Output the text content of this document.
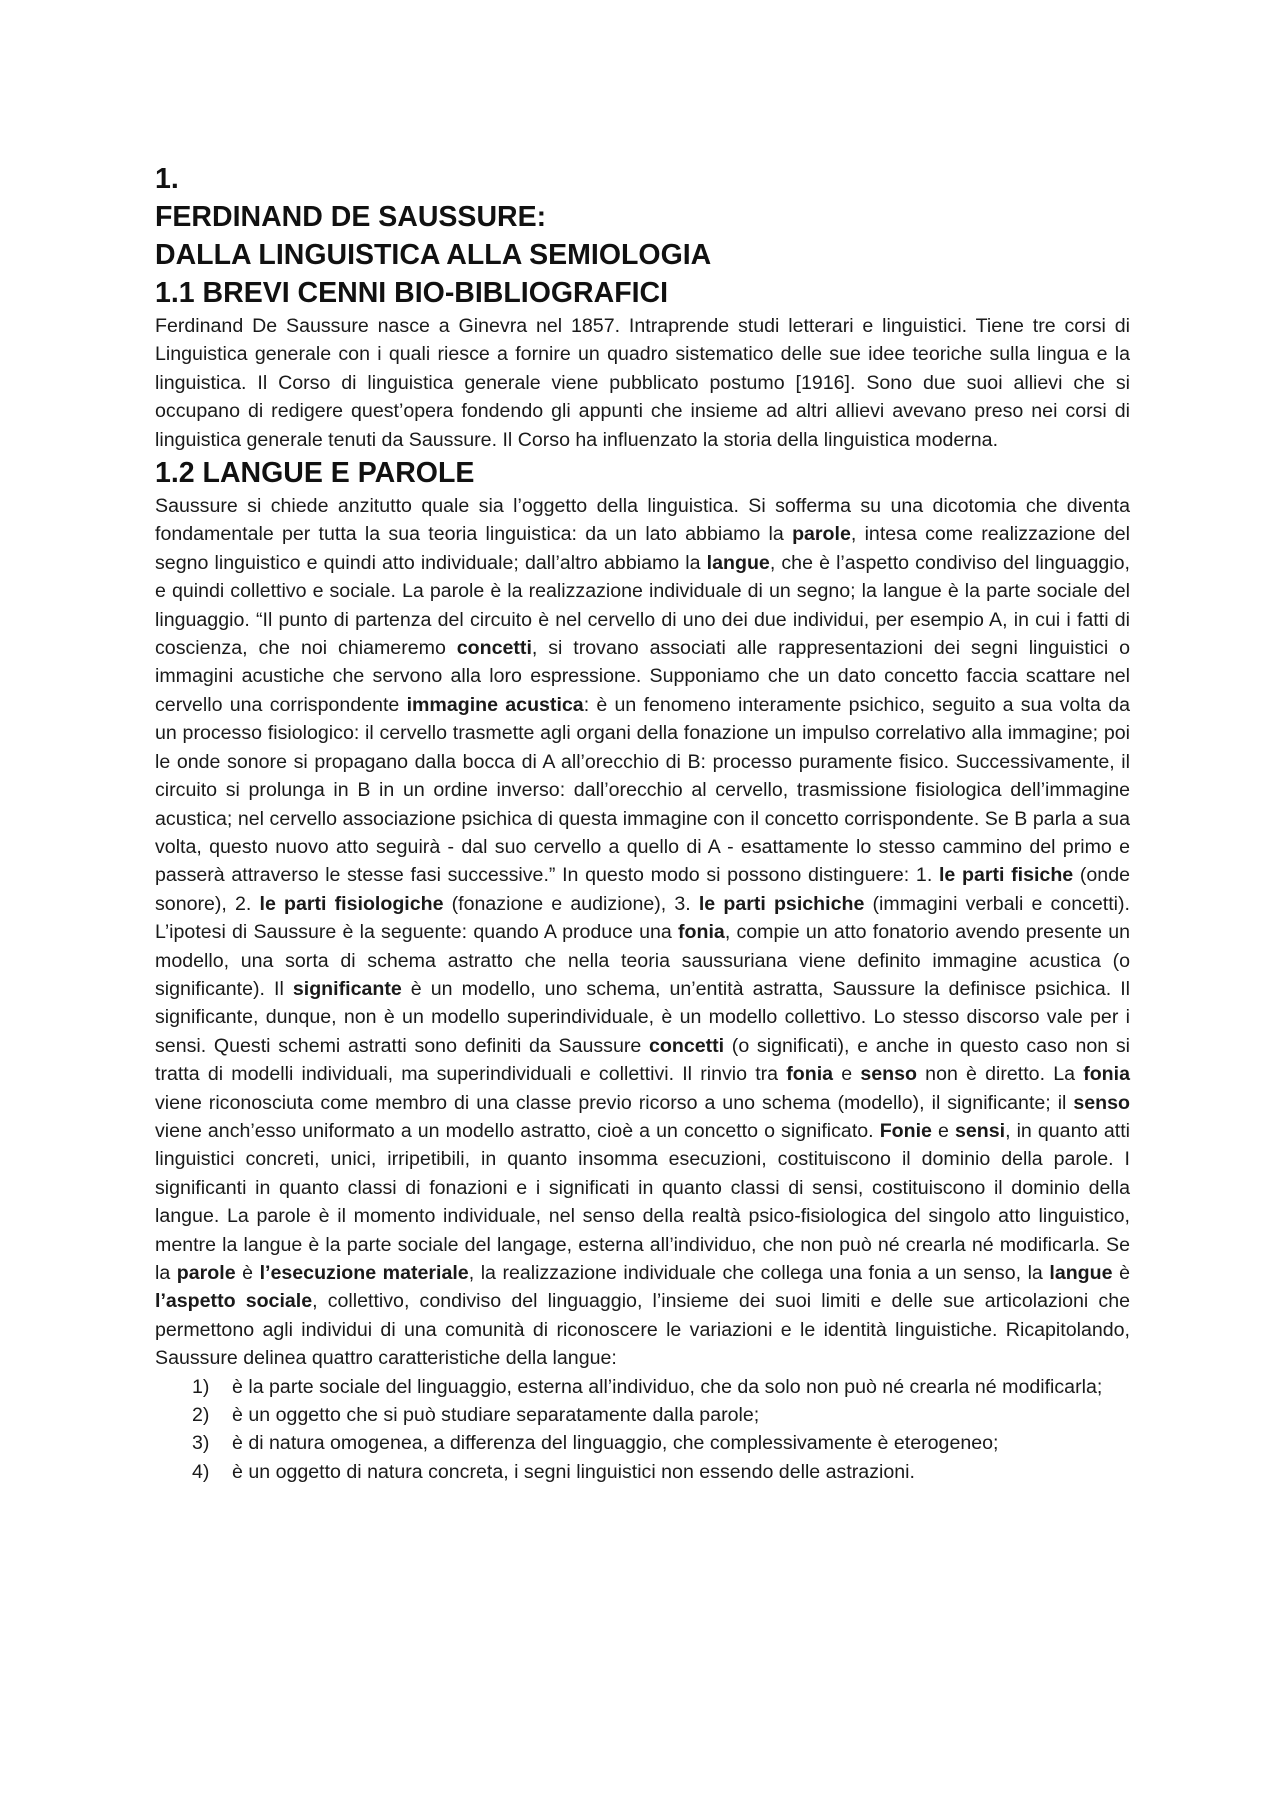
1.
FERDINAND DE SAUSSURE:
DALLA LINGUISTICA ALLA SEMIOLOGIA
1.1 BREVI CENNI BIO-BIBLIOGRAFICI

Ferdinand De Saussure nasce a Ginevra nel 1857. Intraprende studi letterari e linguistici. Tiene tre corsi di Linguistica generale con i quali riesce a fornire un quadro sistematico delle sue idee teoriche sulla lingua e la linguistica. Il Corso di linguistica generale viene pubblicato postumo [1916]. Sono due suoi allievi che si occupano di redigere quest’opera fondendo gli appunti che insieme ad altri allievi avevano preso nei corsi di linguistica generale tenuti da Saussure. Il Corso ha influenzato la storia della linguistica moderna.

1.2 LANGUE E PAROLE

Saussure si chiede anzitutto quale sia l’oggetto della linguistica. Si sofferma su una dicotomia che diventa fondamentale per tutta la sua teoria linguistica: da un lato abbiamo la parole, intesa come realizzazione del segno linguistico e quindi atto individuale; dall’altro abbiamo la langue, che è l’aspetto condiviso del linguaggio, e quindi collettivo e sociale. La parole è la realizzazione individuale di un segno; la langue è la parte sociale del linguaggio. “Il punto di partenza del circuito è nel cervello di uno dei due individui, per esempio A, in cui i fatti di coscienza, che noi chiameremo concetti, si trovano associati alle rappresentazioni dei segni linguistici o immagini acustiche che servono alla loro espressione. Supponiamo che un dato concetto faccia scattare nel cervello una corrispondente immagine acustica: è un fenomeno interamente psichico, seguito a sua volta da un processo fisiologico: il cervello trasmette agli organi della fonazione un impulso correlativo alla immagine; poi le onde sonore si propagano dalla bocca di A all’orecchio di B: processo puramente fisico. Successivamente, il circuito si prolunga in B in un ordine inverso: dall’orecchio al cervello, trasmissione fisiologica dell’immagine acustica; nel cervello associazione psichica di questa immagine con il concetto corrispondente. Se B parla a sua volta, questo nuovo atto seguirà - dal suo cervello a quello di A - esattamente lo stesso cammino del primo e passerà attraverso le stesse fasi successive.” In questo modo si possono distinguere: 1. le parti fisiche (onde sonore), 2. le parti fisiologiche (fonazione e audizione), 3. le parti psichiche (immagini verbali e concetti). L’ipotesi di Saussure è la seguente: quando A produce una fonia, compie un atto fonatorio avendo presente un modello, una sorta di schema astratto che nella teoria saussuriana viene definito immagine acustica (o significante). Il significante è un modello, uno schema, un’entità astratta, Saussure la definisce psichica. Il significante, dunque, non è un modello superindividuale, è un modello collettivo. Lo stesso discorso vale per i sensi. Questi schemi astratti sono definiti da Saussure concetti (o significati), e anche in questo caso non si tratta di modelli individuali, ma superindividuali e collettivi. Il rinvio tra fonia e senso non è diretto. La fonia viene riconosciuta come membro di una classe previo ricorso a uno schema (modello), il significante; il senso viene anch’esso uniformato a un modello astratto, cioè a un concetto o significato. Fonie e sensi, in quanto atti linguistici concreti, unici, irripetibili, in quanto insomma esecuzioni, costituiscono il dominio della parole. I significanti in quanto classi di fonazioni e i significati in quanto classi di sensi, costituiscono il dominio della langue. La parole è il momento individuale, nel senso della realtà psico-fisiologica del singolo atto linguistico, mentre la langue è la parte sociale del langage, esterna all’individuo, che non può né crearla né modificarla. Se la parole è l’esecuzione materiale, la realizzazione individuale che collega una fonia a un senso, la langue è l’aspetto sociale, collettivo, condiviso del linguaggio, l’insieme dei suoi limiti e delle sue articolazioni che permettono agli individui di una comunità di riconoscere le variazioni e le identità linguistiche. Ricapitolando, Saussure delinea quattro caratteristiche della langue:

1) è la parte sociale del linguaggio, esterna all’individuo, che da solo non può né crearla né modificarla;
2) è un oggetto che si può studiare separatamente dalla parole;
3) è di natura omogenea, a differenza del linguaggio, che complessivamente è eterogeneo;
4) è un oggetto di natura concreta, i segni linguistici non essendo delle astrazioni.
